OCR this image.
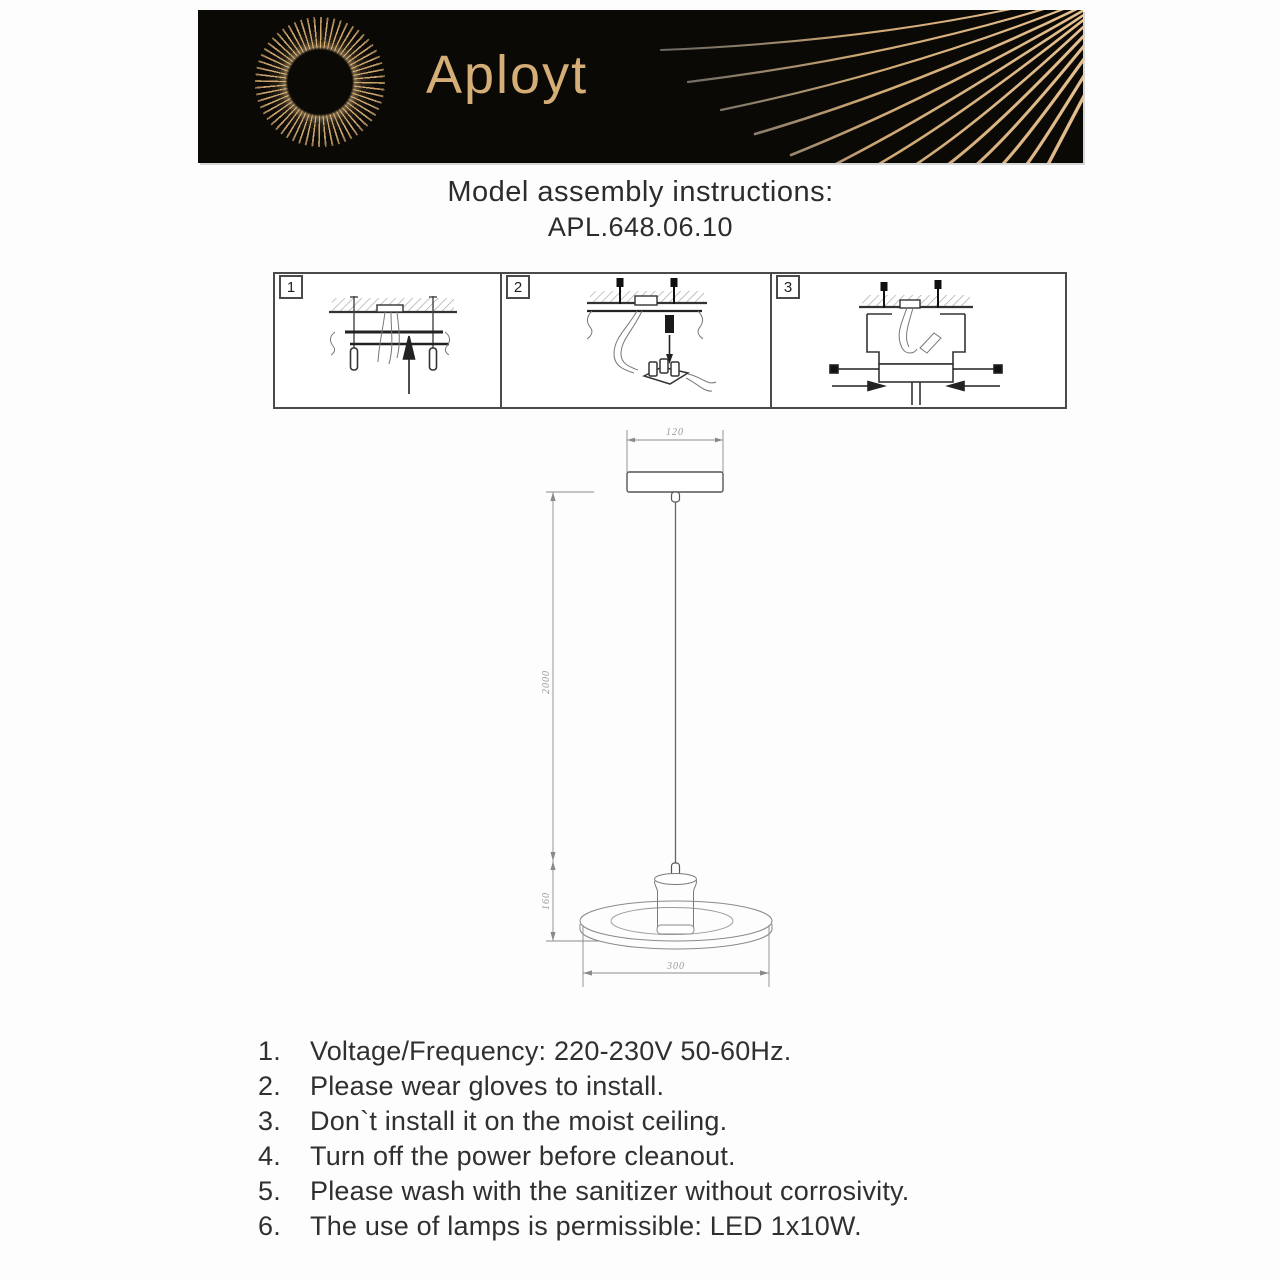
Aployt
Model assembly instructions:
APL.648.06.10
1	2	3
120
2000
160
300
1.	Voltage/Frequency: 220-230V 50-60Hz.
2.	Please wear gloves to install.
3.	Don`t install it on the moist ceiling.
4.	Turn off the power before cleanout.
5.	Please wash with the sanitizer without corrosivity.
6.	The use of lamps is permissible: LED 1x10W.
